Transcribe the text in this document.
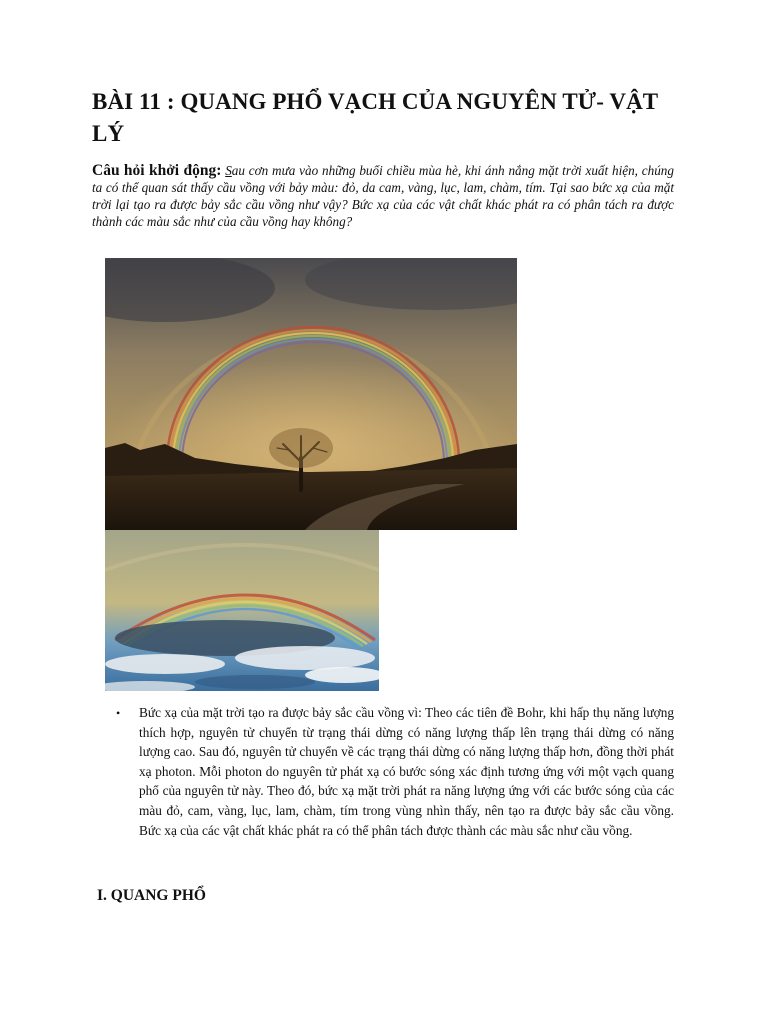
BÀI 11 : QUANG PHỔ VẠCH CỦA NGUYÊN TỬ- VẬT LÝ

Câu hỏi khởi động: Sau cơn mưa vào những buổi chiều mùa hè, khi ánh nắng mặt trời xuất hiện, chúng ta có thể quan sát thấy cầu vồng với bảy màu: đỏ, da cam, vàng, lục, lam, chàm, tím. Tại sao bức xạ của mặt trời lại tạo ra được bảy sắc cầu vồng như vậy? Bức xạ của các vật chất khác phát ra có phân tách ra được thành các màu sắc như của cầu vồng hay không?

• Bức xạ của mặt trời tạo ra được bảy sắc cầu vồng vì: Theo các tiên đề Bohr, khi hấp thụ năng lượng thích hợp, nguyên tử chuyển từ trạng thái dừng có năng lượng thấp lên trạng thái dừng có năng lượng cao. Sau đó, nguyên tử chuyển về các trạng thái dừng có năng lượng thấp hơn, đồng thời phát xạ photon. Mỗi photon do nguyên tử phát xạ có bước sóng xác định tương ứng với một vạch quang phổ của nguyên tử này. Theo đó, bức xạ mặt trời phát ra năng lượng ứng với các bước sóng của các màu đỏ, cam, vàng, lục, lam, chàm, tím trong vùng nhìn thấy, nên tạo ra được bảy sắc cầu vồng. Bức xạ của các vật chất khác phát ra có thể phân tách được thành các màu sắc như cầu vồng.
I. QUANG PHỔ
